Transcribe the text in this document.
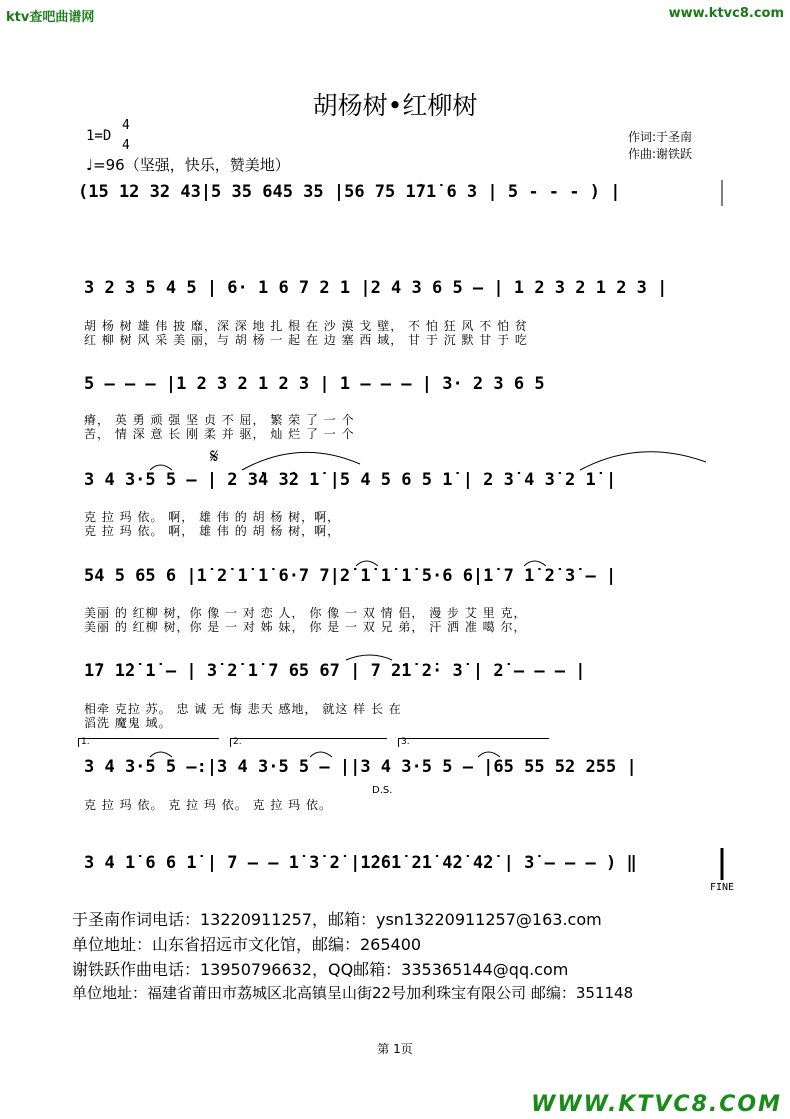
ktv查吧曲谱网	www.ktvc8.com
胡杨树•红柳树
1=D
4
4
♩=96（坚强，快乐，赞美地）
作词:于圣南
作曲:谢铁跃
(15 12 32 43|5 35 645 35 |56 75 1̇71̇ 6 3 | 5 - - - ) |
3 2 3 5 4 5 | 6· 1 6 7 2 1 |2 4 3 6 5 – | 1 2 3 2 1 2 3 |
胡 杨 树 雄 伟 披 靡，深 深 地 扎 根 在 沙 漠 戈 壁， 不 怕 狂 风 不 怕 贫
红 柳 树 风 采 美 丽，与 胡 杨 一 起 在 边 塞 西 域， 甘 于 沉 默 甘 于 吃
5 – – – |1 2 3 2 1 2 3 | 1 – – – | 3· 2 3 6 5
瘠， 英 勇 顽 强 坚 贞 不 屈， 繁 荣 了 一 个
苦， 情 深 意 长 刚 柔 并 驱， 灿 烂 了 一 个
𝄋
3 4 3·5 5 – | 2 3̇4 3̇2 1̇ |5 4 5 6 5 1̇ | 2 3̇ 4 3̇ 2 1̇ |
克 拉 玛 依。 啊， 雄 伟 的 胡 杨 树，啊，
克 拉 玛 依。 啊， 雄 伟 的 胡 杨 树，啊，
54 5 65 6 |1̇ 2̇ 1̇ 1̇ 6·7 7|2̇ 1̇ 1̇ 1̇ 5·6 6|1̇ 7 1̇ 2̇ 3̇ – |
美丽 的 红柳 树，你 像 一 对 恋 人， 你 像 一 双 情 侣， 漫 步 艾 里 克，
美丽 的 红柳 树，你 是 一 对 姊 妹， 你 是 一 双 兄 弟， 汗 洒 准 噶 尔，
1̇7 1̇2̇ 1̇ – | 3̇ 2̇ 1̇ 7 65 67 | 7 2̇1̇ 2̇· 3̇ | 2̇ – – – |
相牵 克拉 苏。 忠 诚 无 悔 悲天 感地， 就这 样 长 在
滔洗 魔鬼 域。
1.	2.	3.
3 4 3·5 5 –:|3 4 3·5 5 – ||3 4 3·5 5 – |65 55 52 255 |
D.S.
克 拉 玛 依。 克 拉 玛 依。 克 拉 玛 依。
3 4 1̇ 6 6 1̇ | 7 – – 1̇ 3̇ 2̇ |1̇2̇6̇1̇ 2̇1̇ 4̇2̇ 4̇2̇ | 3̇ – – – ) ‖
FINE
于圣南作词电话：13220911257，邮箱：ysn13220911257@163.com
单位地址：山东省招远市文化馆，邮编：265400
谢铁跃作曲电话：13950796632，QQ邮箱：335365144@qq.com
单位地址：福建省莆田市荔城区北高镇呈山街22号加利珠宝有限公司 邮编：351148
第 1页
WWW.KTVC8.COM
